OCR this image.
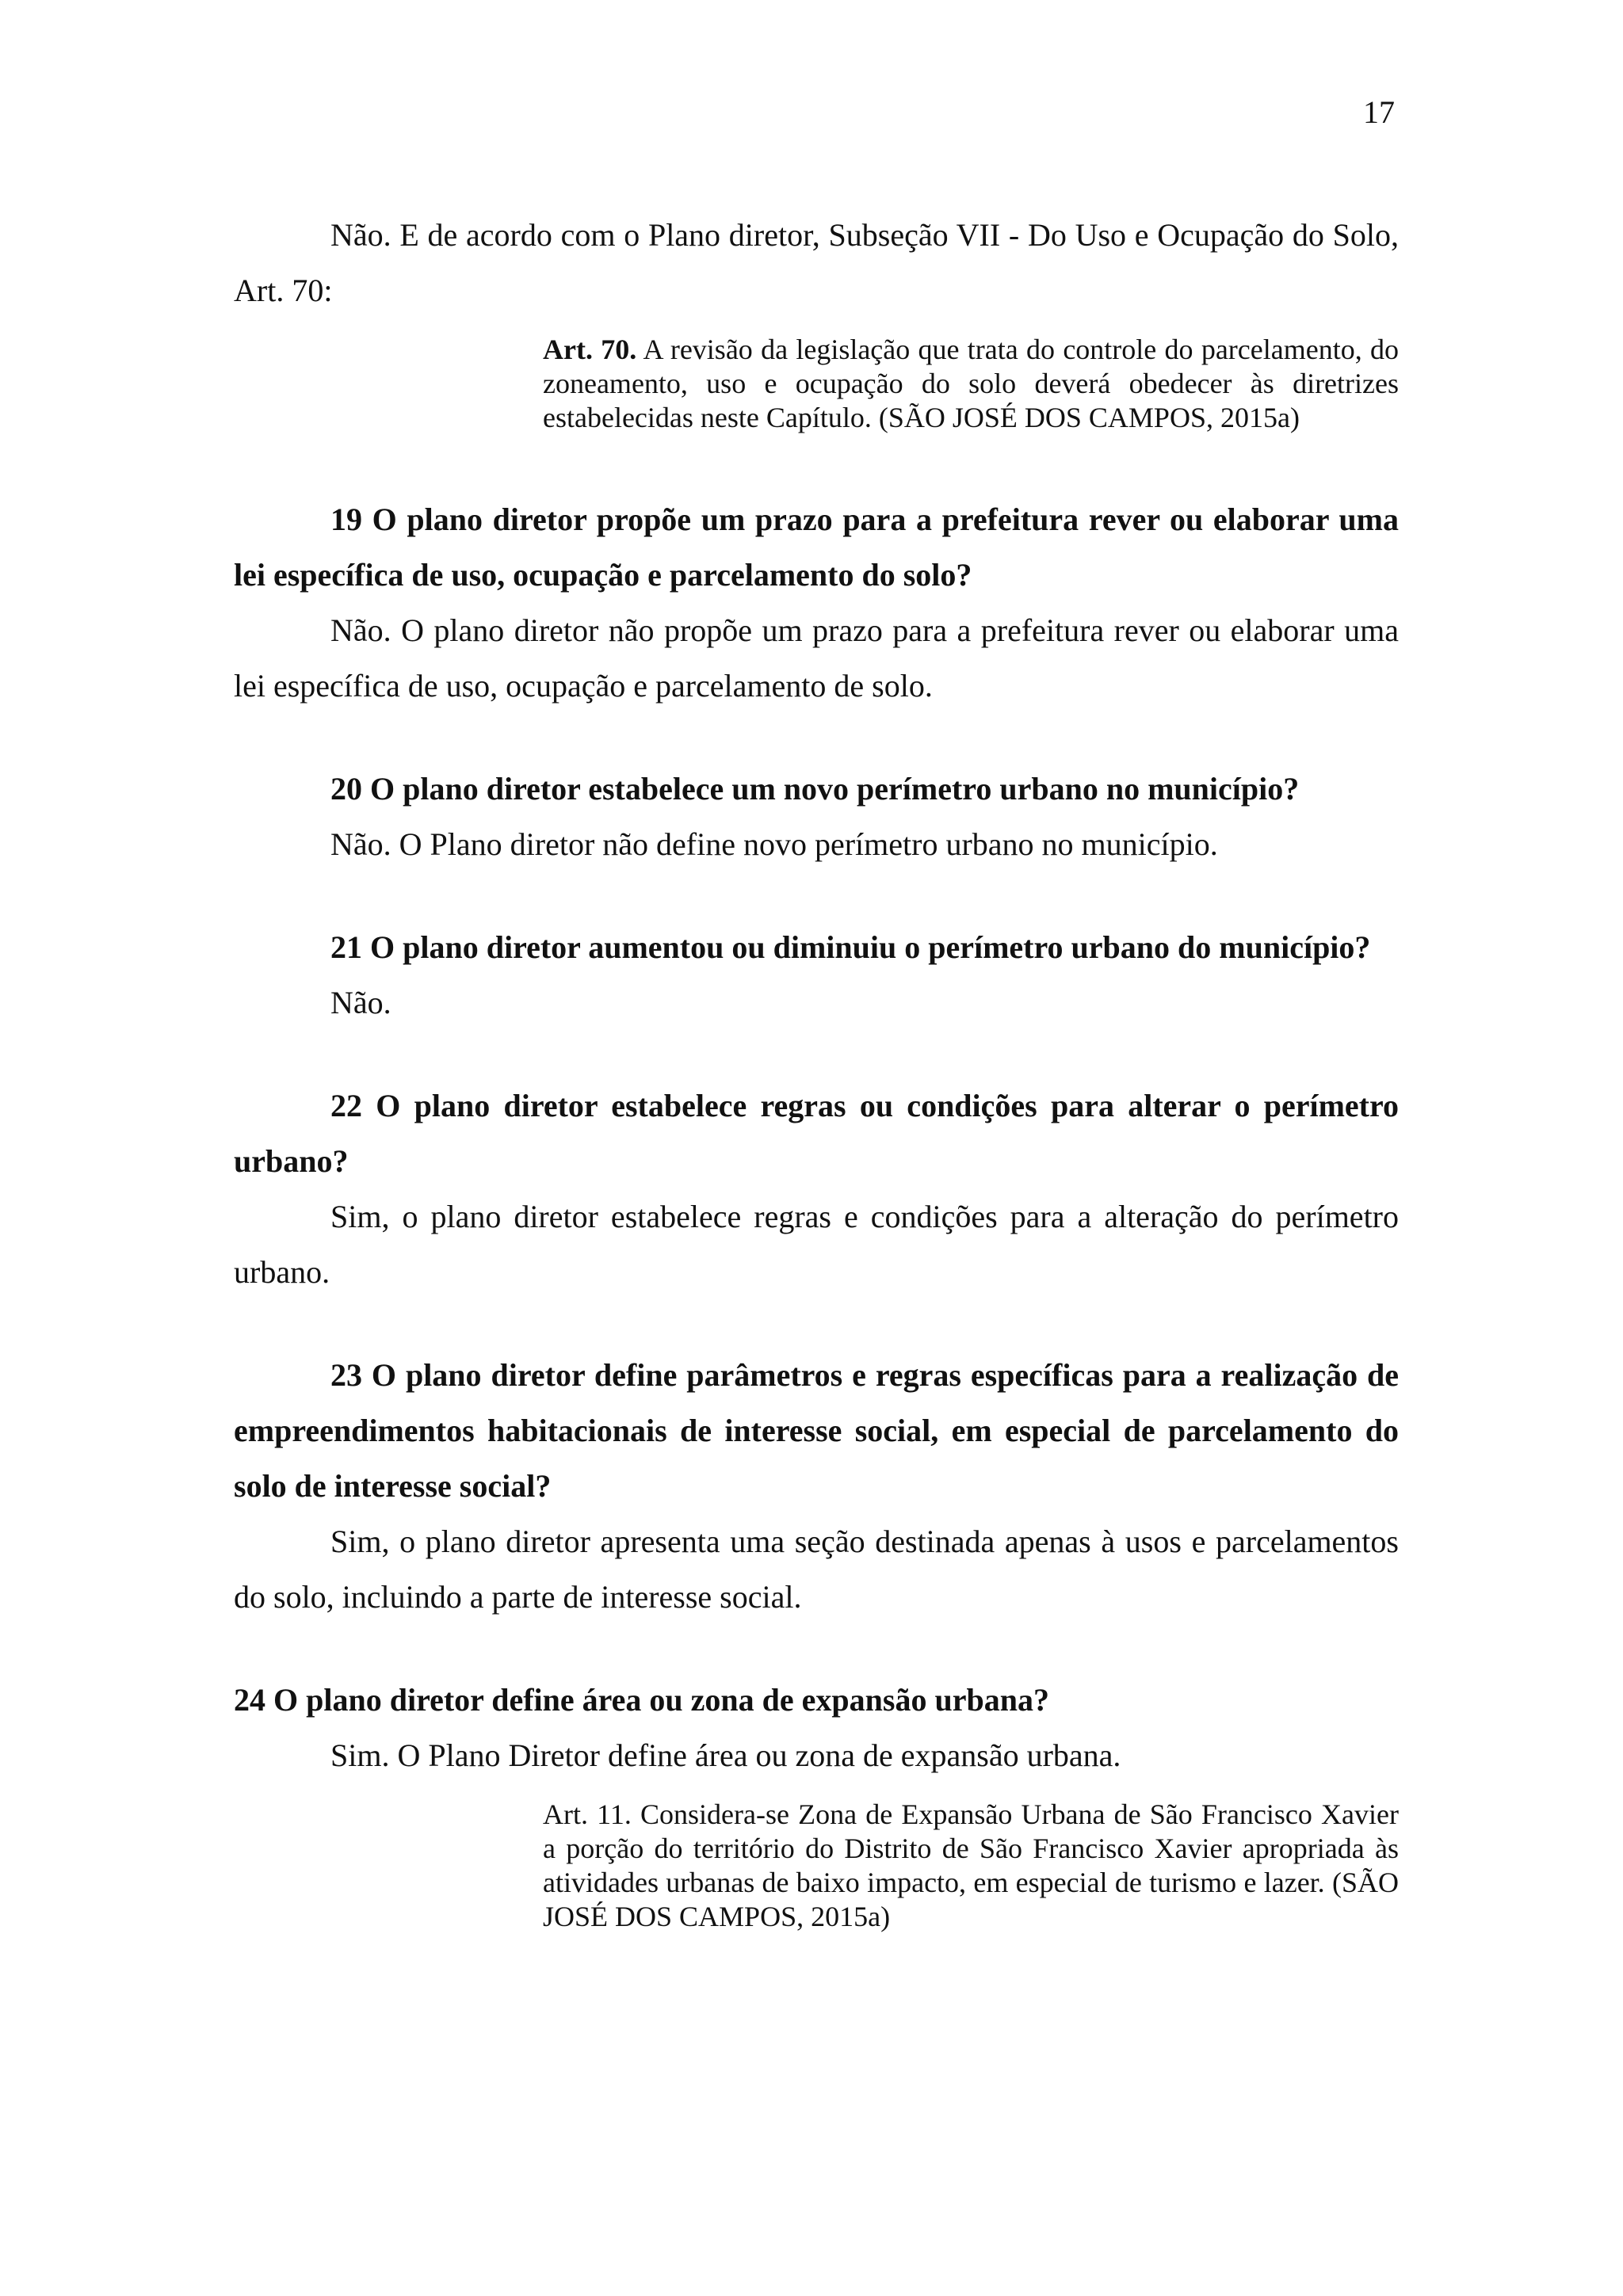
17

Não. E de acordo com o Plano diretor, Subseção VII - Do Uso e Ocupação do Solo, Art. 70:

Art. 70. A revisão da legislação que trata do controle do parcelamento, do zoneamento, uso e ocupação do solo deverá obedecer às diretrizes estabelecidas neste Capítulo. (SÃO JOSÉ DOS CAMPOS, 2015a)

19 O plano diretor propõe um prazo para a prefeitura rever ou elaborar uma lei específica de uso, ocupação e parcelamento do solo?

Não. O plano diretor não propõe um prazo para a prefeitura rever ou elaborar uma lei específica de uso, ocupação e parcelamento de solo.

20 O plano diretor estabelece um novo perímetro urbano no município?

Não. O Plano diretor não define novo perímetro urbano no município.

21 O plano diretor aumentou ou diminuiu o perímetro urbano do município?

Não.

22 O plano diretor estabelece regras ou condições para alterar o perímetro urbano?

Sim, o plano diretor estabelece regras e condições para a alteração do perímetro urbano.

23 O plano diretor define parâmetros e regras específicas para a realização de empreendimentos habitacionais de interesse social, em especial de parcelamento do solo de interesse social?

Sim, o plano diretor apresenta uma seção destinada apenas à usos e parcelamentos do solo, incluindo a parte de interesse social.

24 O plano diretor define área ou zona de expansão urbana?

Sim. O Plano Diretor define área ou zona de expansão urbana.

Art. 11. Considera-se Zona de Expansão Urbana de São Francisco Xavier a porção do território do Distrito de São Francisco Xavier apropriada às atividades urbanas de baixo impacto, em especial de turismo e lazer. (SÃO JOSÉ DOS CAMPOS, 2015a)
